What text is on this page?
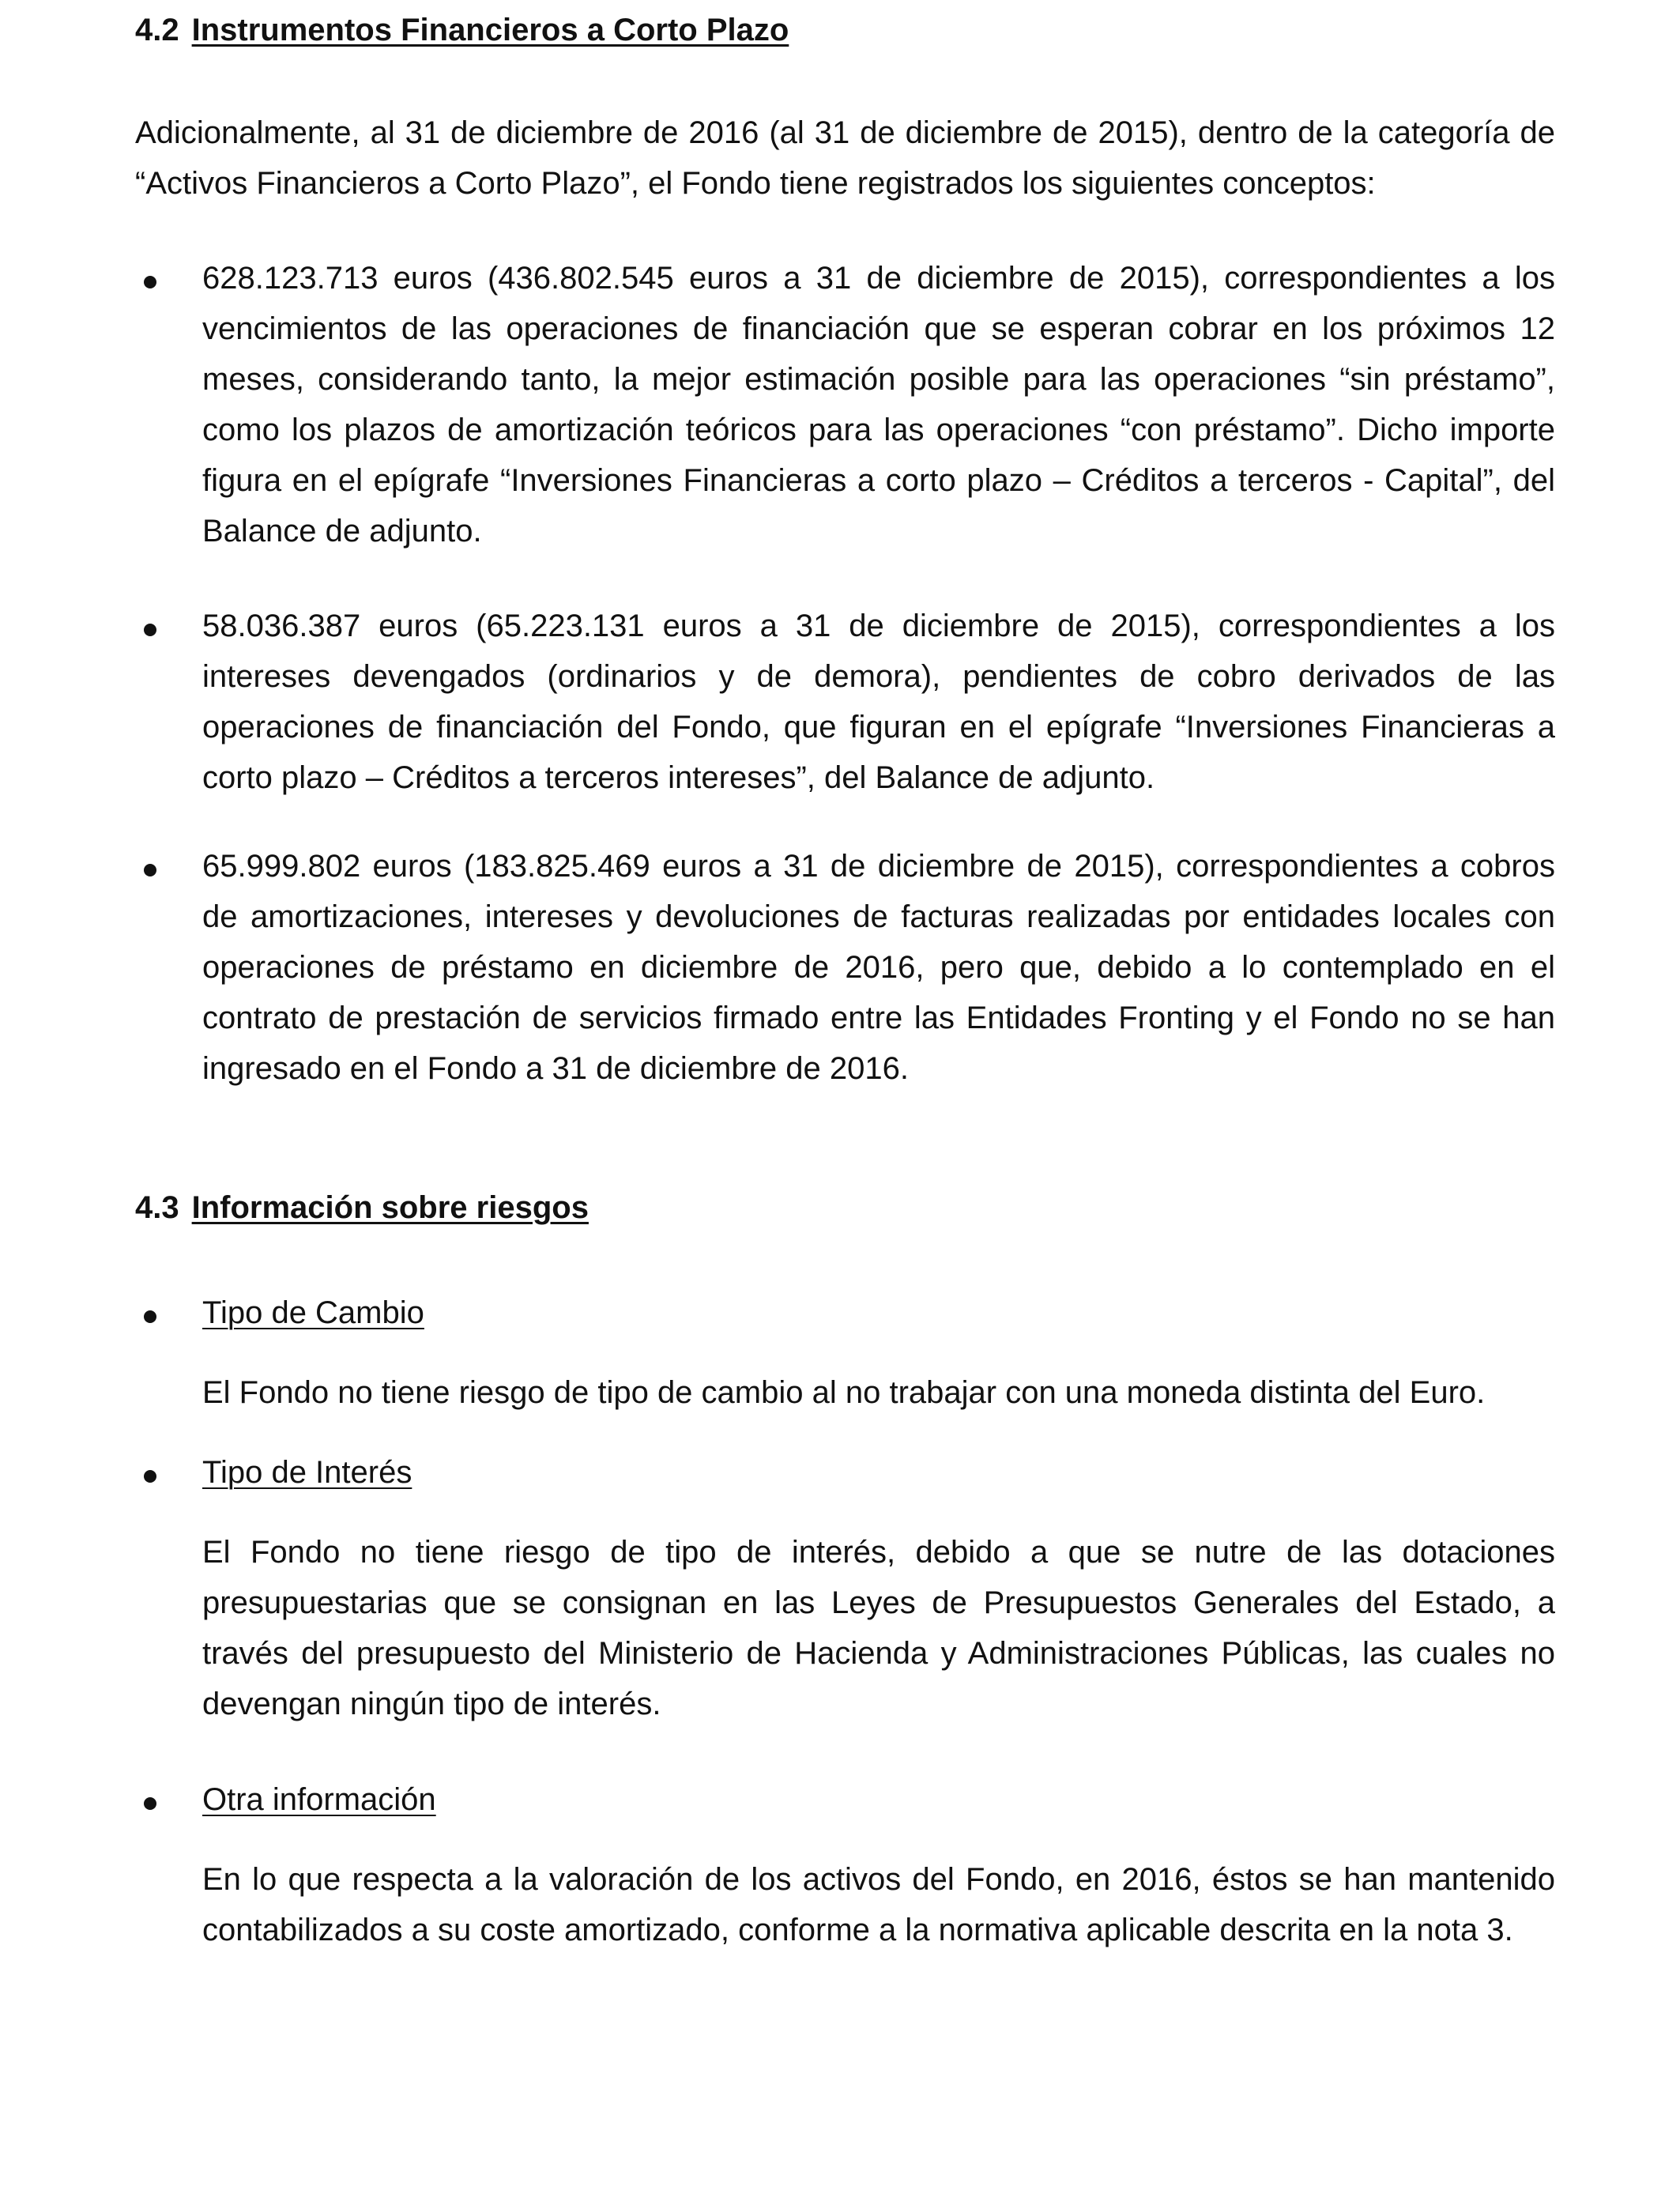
4.2 Instrumentos Financieros a Corto Plazo

Adicionalmente, al 31 de diciembre de 2016 (al 31 de diciembre de 2015), dentro de la categoría de “Activos Financieros a Corto Plazo”, el Fondo tiene registrados los siguientes conceptos:

628.123.713 euros (436.802.545 euros a 31 de diciembre de 2015), correspondientes a los vencimientos de las operaciones de financiación que se esperan cobrar en los próximos 12 meses, considerando tanto, la mejor estimación posible para las operaciones “sin préstamo”, como los plazos de amortización teóricos para las operaciones “con préstamo”. Dicho importe figura en el epígrafe “Inversiones Financieras a corto plazo – Créditos a terceros - Capital”, del Balance de adjunto.

58.036.387 euros (65.223.131 euros a 31 de diciembre de 2015), correspondientes a los intereses devengados (ordinarios y de demora), pendientes de cobro derivados de las operaciones de financiación del Fondo, que figuran en el epígrafe “Inversiones Financieras a corto plazo – Créditos a terceros intereses”, del Balance de adjunto.

65.999.802 euros (183.825.469 euros a 31 de diciembre de 2015), correspondientes a cobros de amortizaciones, intereses y devoluciones de facturas realizadas por entidades locales con operaciones de préstamo en diciembre de 2016, pero que, debido a lo contemplado en el contrato de prestación de servicios firmado entre las Entidades Fronting y el Fondo no se han ingresado en el Fondo a 31 de diciembre de 2016.

4.3 Información sobre riesgos
Tipo de Cambio

El Fondo no tiene riesgo de tipo de cambio al no trabajar con una moneda distinta del Euro.

Tipo de Interés

El Fondo no tiene riesgo de tipo de interés, debido a que se nutre de las dotaciones presupuestarias que se consignan en las Leyes de Presupuestos Generales del Estado, a través del presupuesto del Ministerio de Hacienda y Administraciones Públicas, las cuales no devengan ningún tipo de interés.

Otra información

En lo que respecta a la valoración de los activos del Fondo, en 2016, éstos se han mantenido contabilizados a su coste amortizado, conforme a la normativa aplicable descrita en la nota 3.
